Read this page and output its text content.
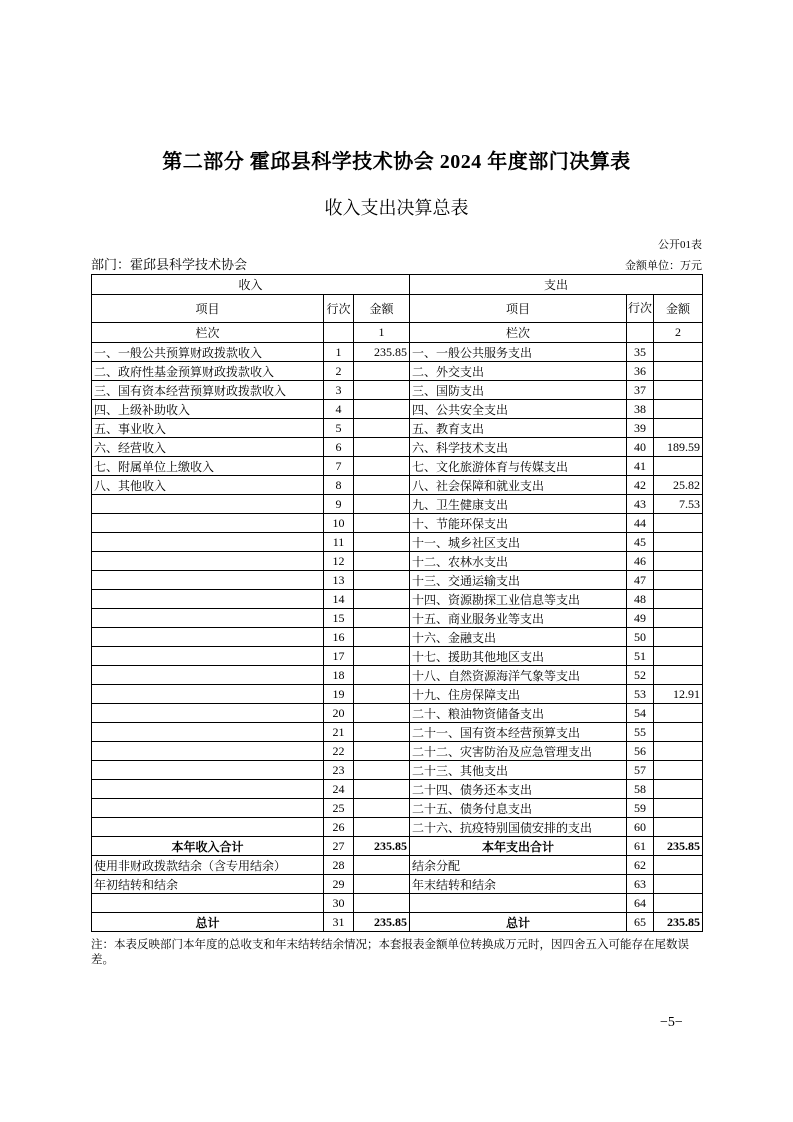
第二部分 霍邱县科学技术协会 2024 年度部门决算表
收入支出决算总表
公开01表
部门：霍邱县科学技术协会	金额单位：万元
收入			支出		
项目	行次	金额	项目	行次	金额
栏次		1	栏次		2
一、一般公共预算财政拨款收入	1	235.85	一、一般公共服务支出	35	
二、政府性基金预算财政拨款收入	2		二、外交支出	36	
三、国有资本经营预算财政拨款收入	3		三、国防支出	37	
四、上级补助收入	4		四、公共安全支出	38	
五、事业收入	5		五、教育支出	39	
六、经营收入	6		六、科学技术支出	40	189.59
七、附属单位上缴收入	7		七、文化旅游体育与传媒支出	41	
八、其他收入	8		八、社会保障和就业支出	42	25.82
	9		九、卫生健康支出	43	7.53
	10		十、节能环保支出	44	
	11		十一、城乡社区支出	45	
	12		十二、农林水支出	46	
	13		十三、交通运输支出	47	
	14		十四、资源勘探工业信息等支出	48	
	15		十五、商业服务业等支出	49	
	16		十六、金融支出	50	
	17		十七、援助其他地区支出	51	
	18		十八、自然资源海洋气象等支出	52	
	19		十九、住房保障支出	53	12.91
	20		二十、粮油物资储备支出	54	
	21		二十一、国有资本经营预算支出	55	
	22		二十二、灾害防治及应急管理支出	56	
	23		二十三、其他支出	57	
	24		二十四、债务还本支出	58	
	25		二十五、债务付息支出	59	
	26		二十六、抗疫特别国债安排的支出	60	
本年收入合计	27	235.85	本年支出合计	61	235.85
使用非财政拨款结余（含专用结余）	28		结余分配	62	
年初结转和结余	29		年末结转和结余	63	
	30			64	
总计	31	235.85	总计	65	235.85
注：本表反映部门本年度的总收支和年末结转结余情况；本套报表金额单位转换成万元时，因四舍五入可能存在尾数误差。
−5−
